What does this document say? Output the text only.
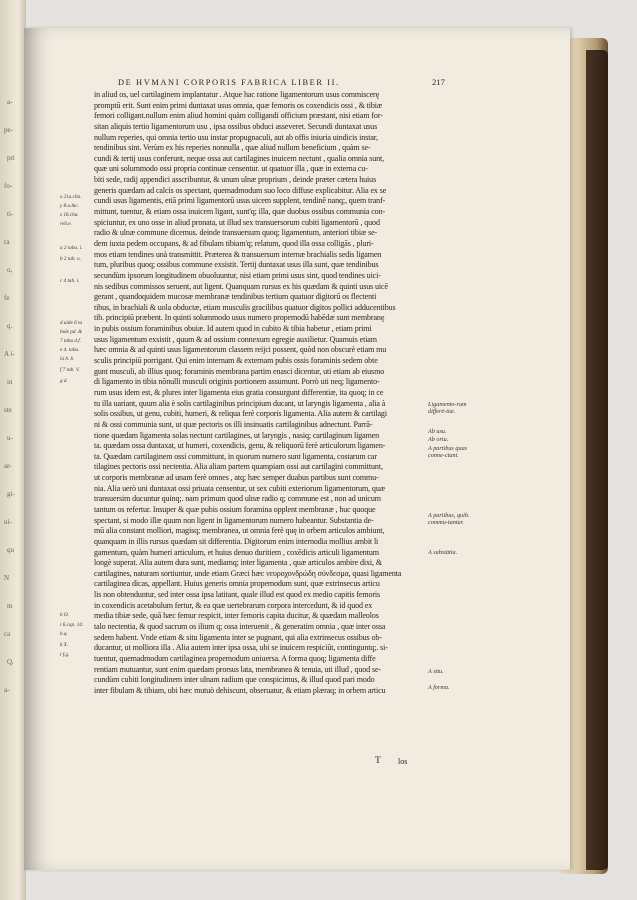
a-
pe-
pri
fo-
ti-
ra
o,
fe
q.
A i-
in
ste
u-
ar-
gi-
ui-
qu
N
m
ca
Q.
a-
DE HVMANI CORPORIS FABRICA LIBER II.	217
in aliud os, uel cartilaginem implantatur . Atque hac ratione ligamentorum usus commiscerę
promptū erit. Sunt enim primi duntaxat usus omnia, quæ femoris os coxendicis ossi , & tibiæ
femori colligant.nullum enim aliud homini quàm colligandi officium præstant, nisi etiam for-
sitan aliquis tertio ligamentorum usu , ipsa ossibus obduci asseveret. Secundi duntaxat usus
nullum reperies, qui omnia tertio usu instar propugnaculi, aut ab offis iniuria uindicis instar,
tendinibus sint. Verùm ex his reperies nonnulla , quæ aliud nullum beneficium , quàm se-
cundi & tertij usus conferunt, neque ossa aut cartilagines inuicem nectunt , qualia omnia sunt,
quæ uni solummodo ossi propria continuæ censentur. ut quatuor illa , quæ in externa cu-
biti sede, radij appendici asscribuntur, & unum ulnæ proprium , deinde præter cætera huius
generis quædam ad calcis os spectant, quemadmodum suo loco diffuse explicabitur. Alia ex se
cundi usus ligamentis, etiā primi ligamentorū usus uicem supplent, tendinē nanq;, quem tranf-
mittunt, tuentur, & etiam ossa inuicem ligant, sunt'q; illa, quæ duobus ossibus communia con-
spiciuntur, ex uno osse in aliud pronata, ut illud sex transuersorum cubiti ligamentorū , quod
radio & ulnæ commune dicemus. deinde transuersum quoq; ligamentum, anteriori tibiæ se-
dem iuxta pedem occupans, & ad fibulam tibiam'q; relatum, quod illa ossa colligās , pluri-
mos etiam tendines unà transmittit. Præterea & transuersum internæ brachialis sedis ligamen
tum, pluribus quoq; ossibus commune exsistit. Tertij duntaxat usus illa sunt, quæ tendinibus
secundùm ipsorum longitudinem obuoluuntur, nisi etiam primi usus sint, quod tendines uici-
nis sedibus commissos seruent, aut ligent. Quanquam rursus ex his quædam & quinti usus uicē
gerant , quandoquidem mucosæ membranæ tendinibus tertium quatuor digitorū os flectenti
tibus, in brachiali & uola obductæ, etiam musculis gracilibus quatuor digitos pollici adducentibus
tib. principiū præbent. In quinti solummodo usus numero propemodū habēdæ sunt membranę
in pubis ossium foraminibus obuiæ. Id autem quod in cubito & tibia habetur , etiam primi
usus ligamentum exsistit , quum & ad ossium connexum egregie auxilietur. Quamuis etiam
hæc omnia & ad quinti usus ligamentorum classem reijci possent, quòd non obscurè etiam mu
sculis principiū porrigant. Qui enim internam & externam pubis ossis foraminis sedem obte
gunt musculi, ab illius quoq; foraminis membrana partim enasci dicentur, uti etiam ab eiusmo
di ligamento in tibia nõnulli musculi originis portionem assumunt. Porrò uti neq; ligamento-
rum usus idem est, & plures inter ligamenta eius gratia consurgunt differentiæ, ita quoq; in ce
tu illa uariant, quum alia è solis cartilaginibus principium ducant, ut laryngis ligamenta , alia à
solis ossibus, ut genu, cubiti, humeri, & reliqua ferè corporis ligamenta. Alia autem & cartilagi
ni & ossi communia sunt, ut quæ pectoris os illi insinuatis cartilaginibus adnectunt. Parrā-
tione quædam ligamenta solas nectunt cartilagines, ut laryngis , nasiq; cartilaginum ligamen
ta. quædam ossa duntaxat, ut humeri, coxendicis, genu, & reliquorū ferè articulorum ligamen-
ta. Quædam cartilaginem ossi committunt, in quorum numero sunt ligamenta, costarum car
tilagines pectoris ossi nectentia. Alia aliam partem quampiam ossi aut cartilagini committunt,
ut corporis membranæ ad unam ferè omnes , atq; hæc semper duabus partibus sunt commu-
nia. Alia uerò uni duntaxat ossi priuata censentur, ut sex cubiti exteriorum ligamentorum, quæ
transuersim ducuntur quinq;. nam primum quod ulnæ radio q; commune est , non ad unicum
tantum os refertur. Insuper & quæ pubis ossium foramina opplent membranæ , huc quoque
spectant, si modo illæ quum non ligent in ligamentorum numero habeantur. Substantia de-
mū alia constant molliori, magisq; membranea, ut omnia ferè quę in orbem articulos ambiunt,
quanquam in illis rursus quædam sit differentia. Digitorum enim internodia mollius ambit li
gamentum, quàm humeri articulum, et huius denuo duritiem , coxēdicis articuli ligamentum
longè superat. Alia autem dura sunt, mediamq; inter ligamenta , quæ articulos ambire dixi, &
cartilagines, naturam sortiuntur, unde etiam Græci hæc νευροχονδρώδη σύνδεσμα, quasi ligamenta
cartilaginea dicas, appellant. Huius generis omnia propemodum sunt, quæ extrinsecus articu
lis non obtenduntur, sed inter ossa ipsa latitant, quale illud est quod ex medio capitis femoris
in coxendicis acetabulum fertur, & ea quæ uertebrarum corpora intercedunt, & id quod ex
media tibiæ sede, quā hæc femur respicit, inter femoris capita ducitur, & quædam malleolos
talo nectentia, & quod sacrum os ilium q; ossa interuenit , & generatim omnia , quæ inter ossa
sedem habent. Vnde etiam & situ ligamenta inter se pugnant, qui alia extrinsecus ossibus ob-
ducantur, ut molliora illa . Alia autem inter ipsa ossa, ubi se inuicem respiciūt, continguntq;. si-
tuentur, quemadmodum cartilaginea propemodum uniuersa. A forma quoq; ligamenta diffe
rentiam mutuantur, sunt enim quædam prorsus lata, membranea & tenuia, uti illud , quod se-
cundùm cubiti longitudinem inter ulnam radium que conspicimus, & illud quod pari modo
inter fibulam & tibiam, ubi hæc mutuò dehiscunt, obseruatur, & etiam plæraq; in orbem articu
x 21a.cha.
y 8.a.&c.
z 16.cha.
reli.e.
a 2 tabu. i.
b 2 tab. o.
c 4 tab. i.
d uide 6 ta
bule pd. &
7 tabu d.f.
e 4. tabu.
la b. b.
f 7 tab. V.
g d.
h O.
i 6.cap. 14.
h.q.
k X.
l f.g.
Ligamento-rum differē-tiæ.
Ab usu.
Ab ortu.
A partibus quas conne-ctunt.
A partibus, quib. commu-tantur.
A substātia.
A situ.
A forma.
T los
